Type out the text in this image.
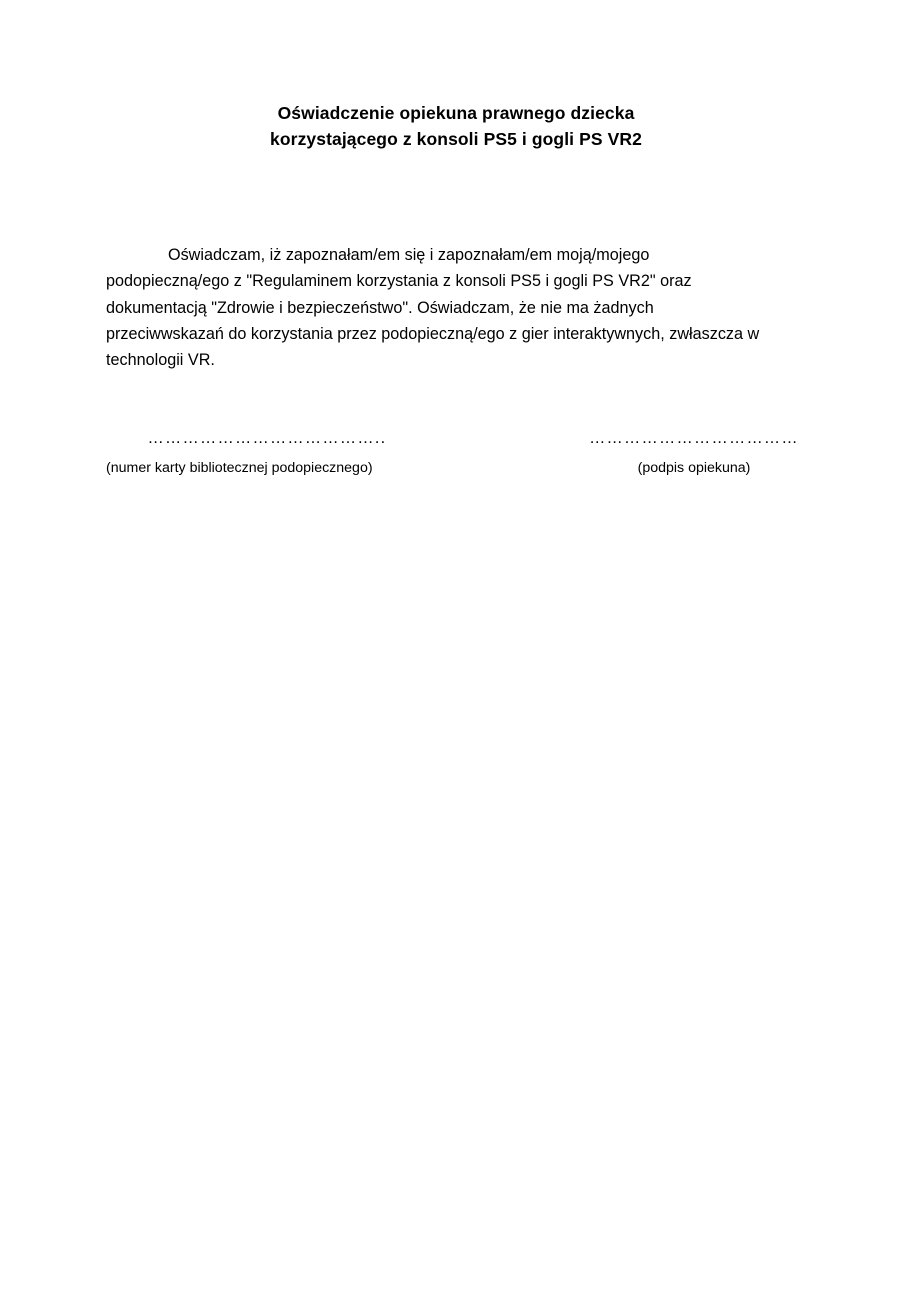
Oświadczenie opiekuna prawnego dziecka
korzystającego z konsoli PS5 i gogli PS VR2

Oświadczam, iż zapoznałam/em się i zapoznałam/em moją/mojego podopieczną/ego z "Regulaminem korzystania z konsoli PS5 i gogli PS VR2" oraz dokumentacją "Zdrowie i bezpieczeństwo". Oświadczam, że nie ma żadnych przeciwwskazań do korzystania przez podopieczną/ego z gier interaktywnych, zwłaszcza w technologii VR.

…………………………………..
(numer karty bibliotecznej podopiecznego)
………………………………
(podpis opiekuna)
